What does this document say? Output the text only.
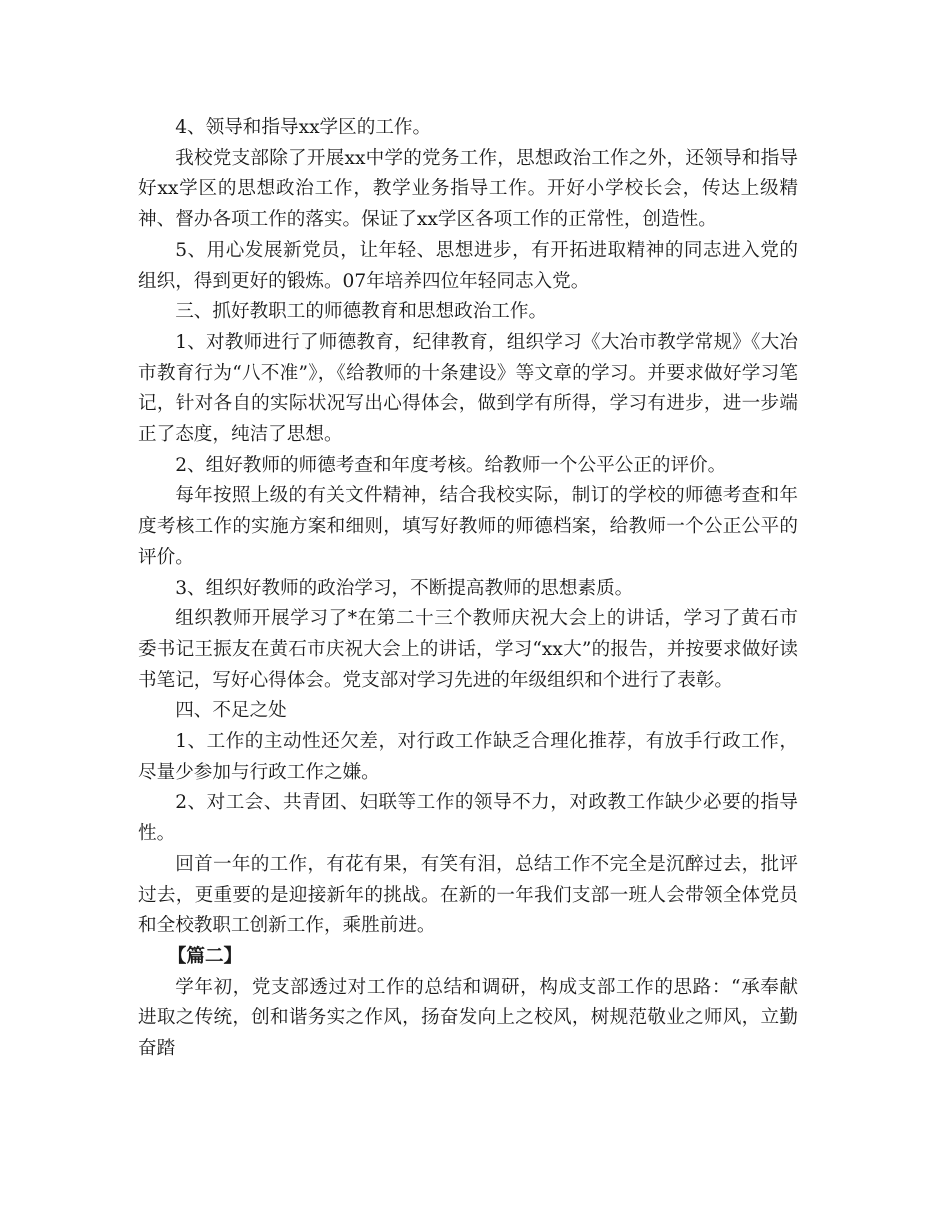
4、领导和指导xx学区的工作。

我校党支部除了开展xx中学的党务工作，思想政治工作之外，还领导和指导好xx学区的思想政治工作，教学业务指导工作。开好小学校长会，传达上级精神、督办各项工作的落实。保证了xx学区各项工作的正常性，创造性。

5、用心发展新党员，让年轻、思想进步，有开拓进取精神的同志进入党的组织，得到更好的锻炼。07年培养四位年轻同志入党。

三、抓好教职工的师德教育和思想政治工作。

1、对教师进行了师德教育，纪律教育，组织学习《大冶市教学常规》《大冶市教育行为“八不准”》，《给教师的十条建设》等文章的学习。并要求做好学习笔记，针对各自的实际状况写出心得体会，做到学有所得，学习有进步，进一步端正了态度，纯洁了思想。

2、组好教师的师德考查和年度考核。给教师一个公平公正的评价。

每年按照上级的有关文件精神，结合我校实际，制订的学校的师德考查和年度考核工作的实施方案和细则，填写好教师的师德档案，给教师一个公正公平的评价。

3、组织好教师的政治学习，不断提高教师的思想素质。

组织教师开展学习了*在第二十三个教师庆祝大会上的讲话，学习了黄石市委书记王振友在黄石市庆祝大会上的讲话，学习“xx大”的报告，并按要求做好读书笔记，写好心得体会。党支部对学习先进的年级组织和个进行了表彰。

四、不足之处

1、工作的主动性还欠差，对行政工作缺乏合理化推荐，有放手行政工作，尽量少参加与行政工作之嫌。

2、对工会、共青团、妇联等工作的领导不力，对政教工作缺少必要的指导性。

回首一年的工作，有花有果，有笑有泪，总结工作不完全是沉醉过去，批评过去，更重要的是迎接新年的挑战。在新的一年我们支部一班人会带领全体党员和全校教职工创新工作，乘胜前进。

【篇二】

学年初，党支部透过对工作的总结和调研，构成支部工作的思路：“承奉献进取之传统，创和谐务实之作风，扬奋发向上之校风，树规范敬业之师风，立勤奋踏
